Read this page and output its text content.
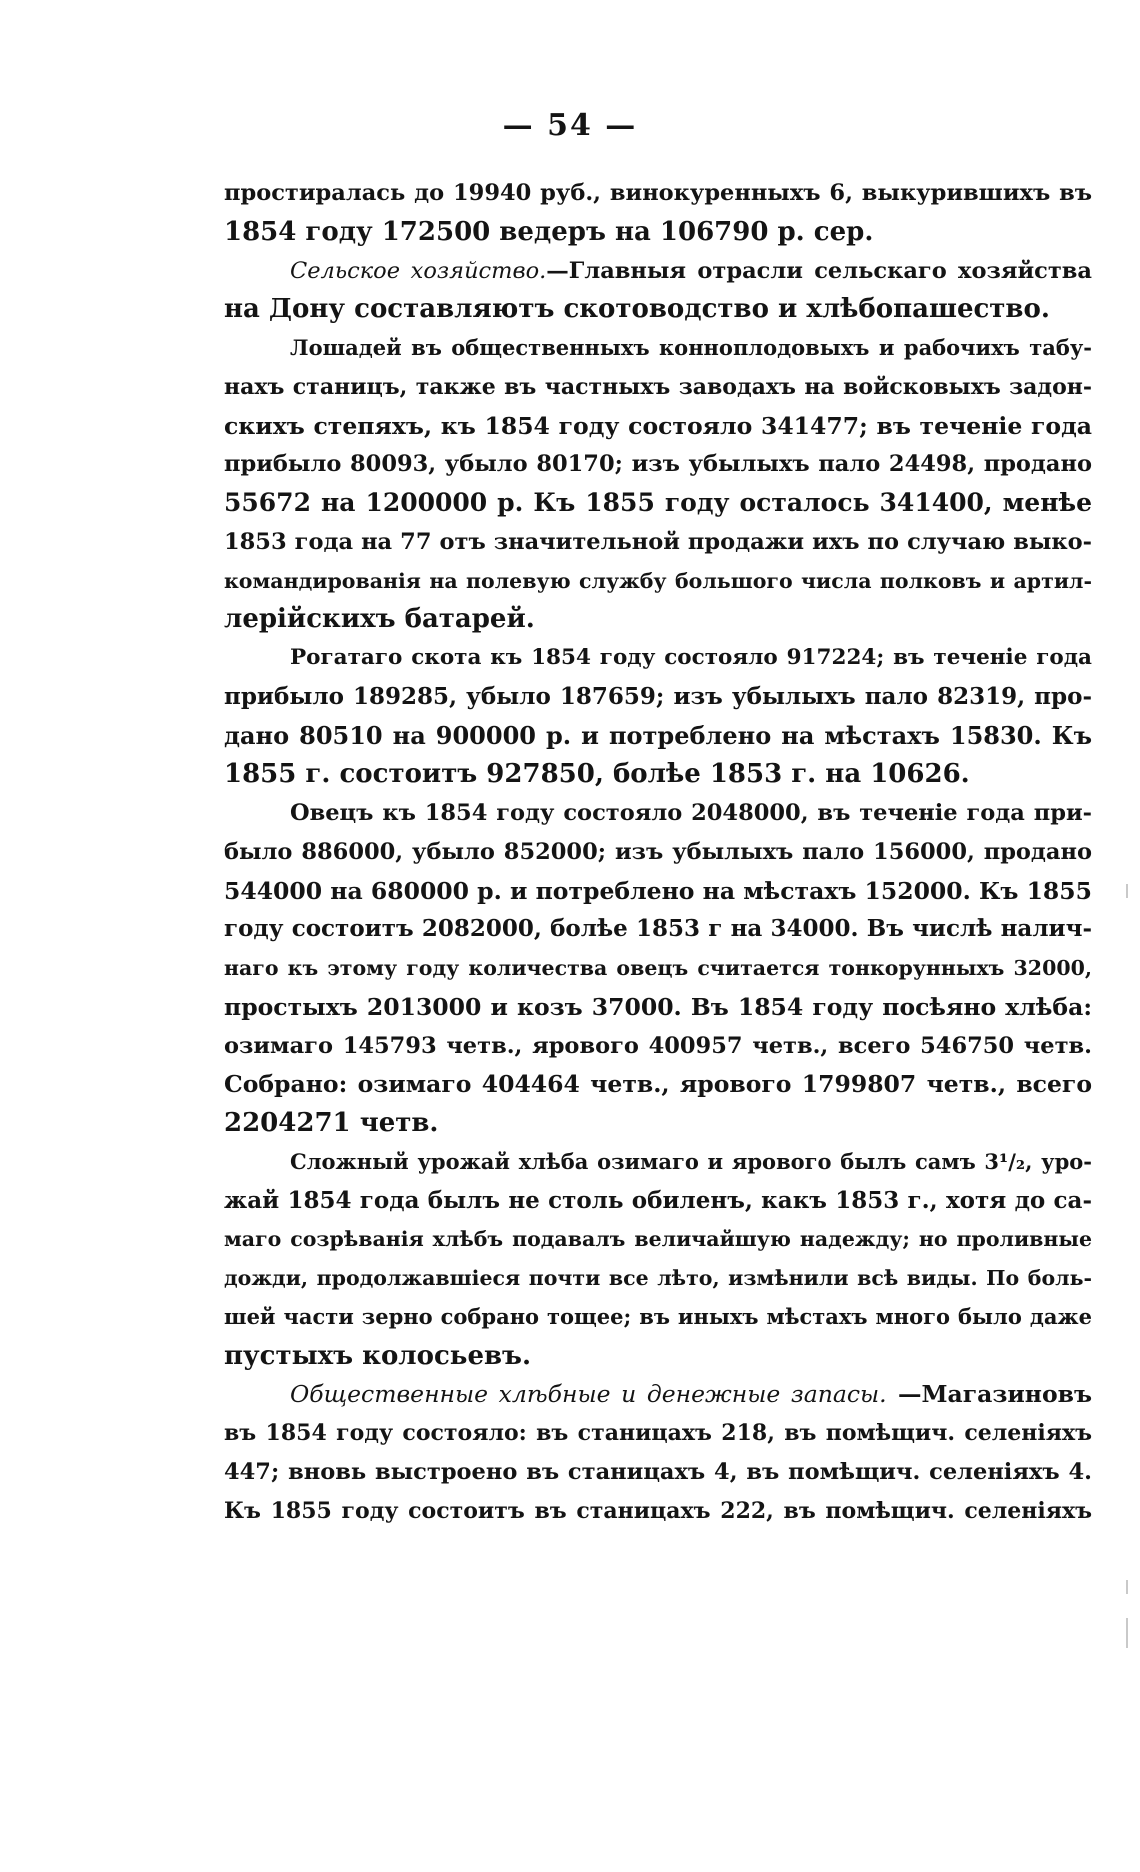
— 54 —
простиралась до 19940 руб., винокуренныхъ 6, выкурившихъ въ
1854 году 172500 ведеръ на 106790 р. сер.
Сельское хозяйство.—Главныя отрасли сельскаго хозяйства
на Дону составляютъ скотоводство и хлѣбопашество.
Лошадей въ общественныхъ конноплодовыхъ и рабочихъ табу-
нахъ станицъ, также въ частныхъ заводахъ на войсковыхъ задон-
скихъ степяхъ, къ 1854 году состояло 341477; въ теченіе года
прибыло 80093, убыло 80170; изъ убылыхъ пало 24498, продано
55672 на 1200000 р. Къ 1855 году осталось 341400, менѣе
1853 года на 77 отъ значительной продажи ихъ по случаю выко-
командированія на полевую службу большого числа полковъ и артил-
лерійскихъ батарей.
Рогатаго скота къ 1854 году состояло 917224; въ теченіе года
прибыло 189285, убыло 187659; изъ убылыхъ пало 82319, про-
дано 80510 на 900000 р. и потреблено на мѣстахъ 15830. Къ
1855 г. состоитъ 927850, болѣе 1853 г. на 10626.
Овецъ къ 1854 году состояло 2048000, въ теченіе года при-
было 886000, убыло 852000; изъ убылыхъ пало 156000, продано
544000 на 680000 р. и потреблено на мѣстахъ 152000. Къ 1855
году состоитъ 2082000, болѣе 1853 г на 34000. Въ числѣ налич-
наго къ этому году количества овецъ считается тонкорунныхъ 32000,
простыхъ 2013000 и козъ 37000. Въ 1854 году посѣяно хлѣба:
озимаго 145793 четв., ярового 400957 четв., всего 546750 четв.
Собрано: озимаго 404464 четв., ярового 1799807 четв., всего
2204271 четв.
Сложный урожай хлѣба озимаго и ярового былъ самъ 3¹/₂, уро-
жай 1854 года былъ не столь обиленъ, какъ 1853 г., хотя до са-
маго созрѣванія хлѣбъ подавалъ величайшую надежду; но проливные
дожди, продолжавшіеся почти все лѣто, измѣнили всѣ виды. По боль-
шей части зерно собрано тощее; въ иныхъ мѣстахъ много было даже
пустыхъ колосьевъ.
Общественные хлѣбные и денежные запасы. —Магазиновъ
въ 1854 году состояло: въ станицахъ 218, въ помѣщич. селеніяхъ
447; вновь выстроено въ станицахъ 4, въ помѣщич. селеніяхъ 4.
Къ 1855 году состоитъ въ станицахъ 222, въ помѣщич. селеніяхъ
